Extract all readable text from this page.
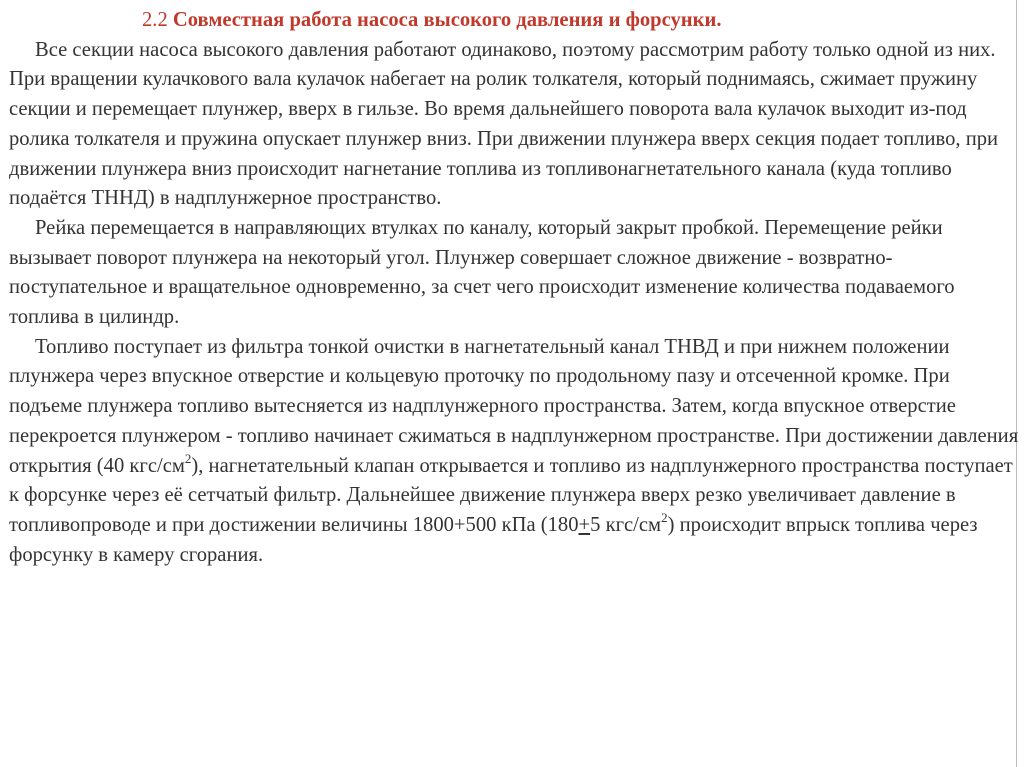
2.2 Совместная работа насоса высокого давления и форсунки.

Все секции насоса высокого давления работают одинаково, поэтому рассмотрим работу только одной из них. При вращении кулачкового вала кулачок набегает на ролик толкателя, который поднимаясь, сжимает пружину секции и перемещает плунжер, вверх в гильзе. Во время дальнейшего поворота вала кулачок выходит из-под ролика толкателя и пружина опускает плунжер вниз. При движении плунжера вверх секция подает топливо, при движении плунжера вниз происходит нагнетание топлива из топливонагнетательного канала (куда топливо подаётся ТННД) в надплунжерное пространство.

Рейка перемещается в направляющих втулках по каналу, который закрыт пробкой. Перемещение рейки вызывает поворот плунжера на некоторый угол. Плунжер совершает сложное движение - возвратно-поступательное и вращательное одновременно, за счет чего происходит изменение количества подаваемого топлива в цилиндр.

Топливо поступает из фильтра тонкой очистки в нагнетательный канал ТНВД и при нижнем положении плунжера через впускное отверстие и кольцевую проточку по продольному пазу и отсеченной кромке. При подъеме плунжера топливо вытесняется из надплунжерного пространства. Затем, когда впускное отверстие перекроется плунжером - топливо начинает сжиматься в надплунжерном пространстве. При достижении давления открытия (40 кгс/$см^2$), нагнетательный клапан открывается и топливо из надплунжерного пространства поступает к форсунке через её сетчатый фильтр. Дальнейшее движение плунжера вверх резко увеличивает давление в топливопроводе и при достижении величины 1800+500 кПа (180+5 кгс/$см^2$) происходит впрыск топлива через форсунку в камеру сгорания.
